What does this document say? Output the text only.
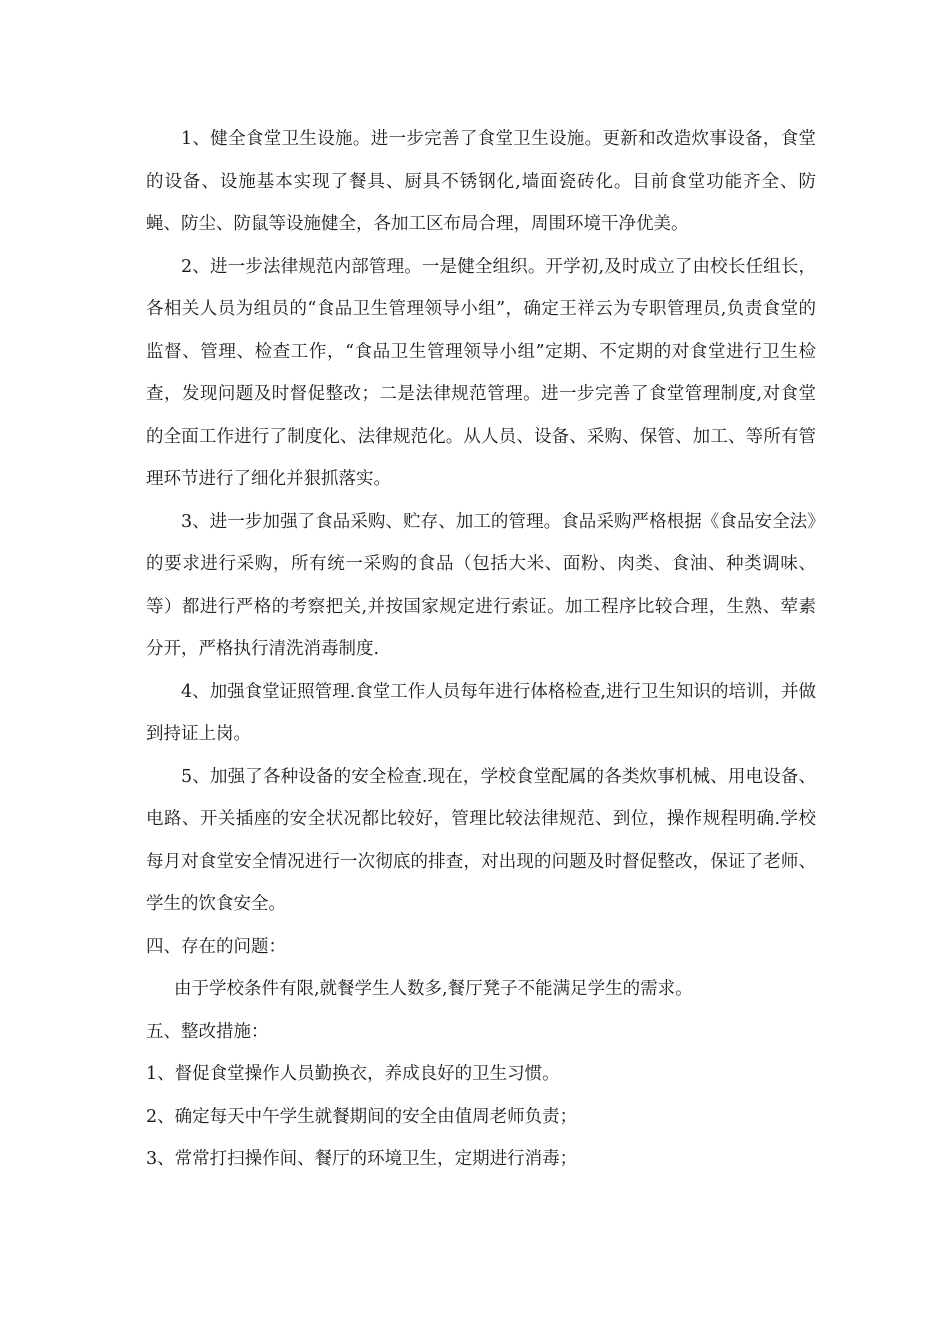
1、健全食堂卫生设施。进一步完善了食堂卫生设施。更新和改造炊事设备，食堂的设备、设施基本实现了餐具、厨具不锈钢化,墙面瓷砖化。目前食堂功能齐全、防蝇、防尘、防鼠等设施健全，各加工区布局合理，周围环境干净优美。

2、进一步法律规范内部管理。一是健全组织。开学初,及时成立了由校长任组长，各相关人员为组员的“食品卫生管理领导小组”，确定王祥云为专职管理员,负责食堂的监督、管理、检查工作，“食品卫生管理领导小组”定期、不定期的对食堂进行卫生检查，发现问题及时督促整改；二是法律规范管理。进一步完善了食堂管理制度,对食堂的全面工作进行了制度化、法律规范化。从人员、设备、采购、保管、加工、等所有管理环节进行了细化并狠抓落实。

3、进一步加强了食品采购、贮存、加工的管理。食品采购严格根据《食品安全法》的要求进行采购，所有统一采购的食品（包括大米、面粉、肉类、食油、种类调味、等）都进行严格的考察把关,并按国家规定进行索证。加工程序比较合理，生熟、荤素分开，严格执行清洗消毒制度.

4、加强食堂证照管理.食堂工作人员每年进行体格检查,进行卫生知识的培训，并做到持证上岗。

5、加强了各种设备的安全检查.现在，学校食堂配属的各类炊事机械、用电设备、电路、开关插座的安全状况都比较好，管理比较法律规范、到位，操作规程明确.学校每月对食堂安全情况进行一次彻底的排查，对出现的问题及时督促整改，保证了老师、学生的饮食安全。

四、存在的问题：

由于学校条件有限,就餐学生人数多,餐厅凳子不能满足学生的需求。

五、整改措施：

1、督促食堂操作人员勤换衣，养成良好的卫生习惯。

2、确定每天中午学生就餐期间的安全由值周老师负责；

3、常常打扫操作间、餐厅的环境卫生，定期进行消毒；
